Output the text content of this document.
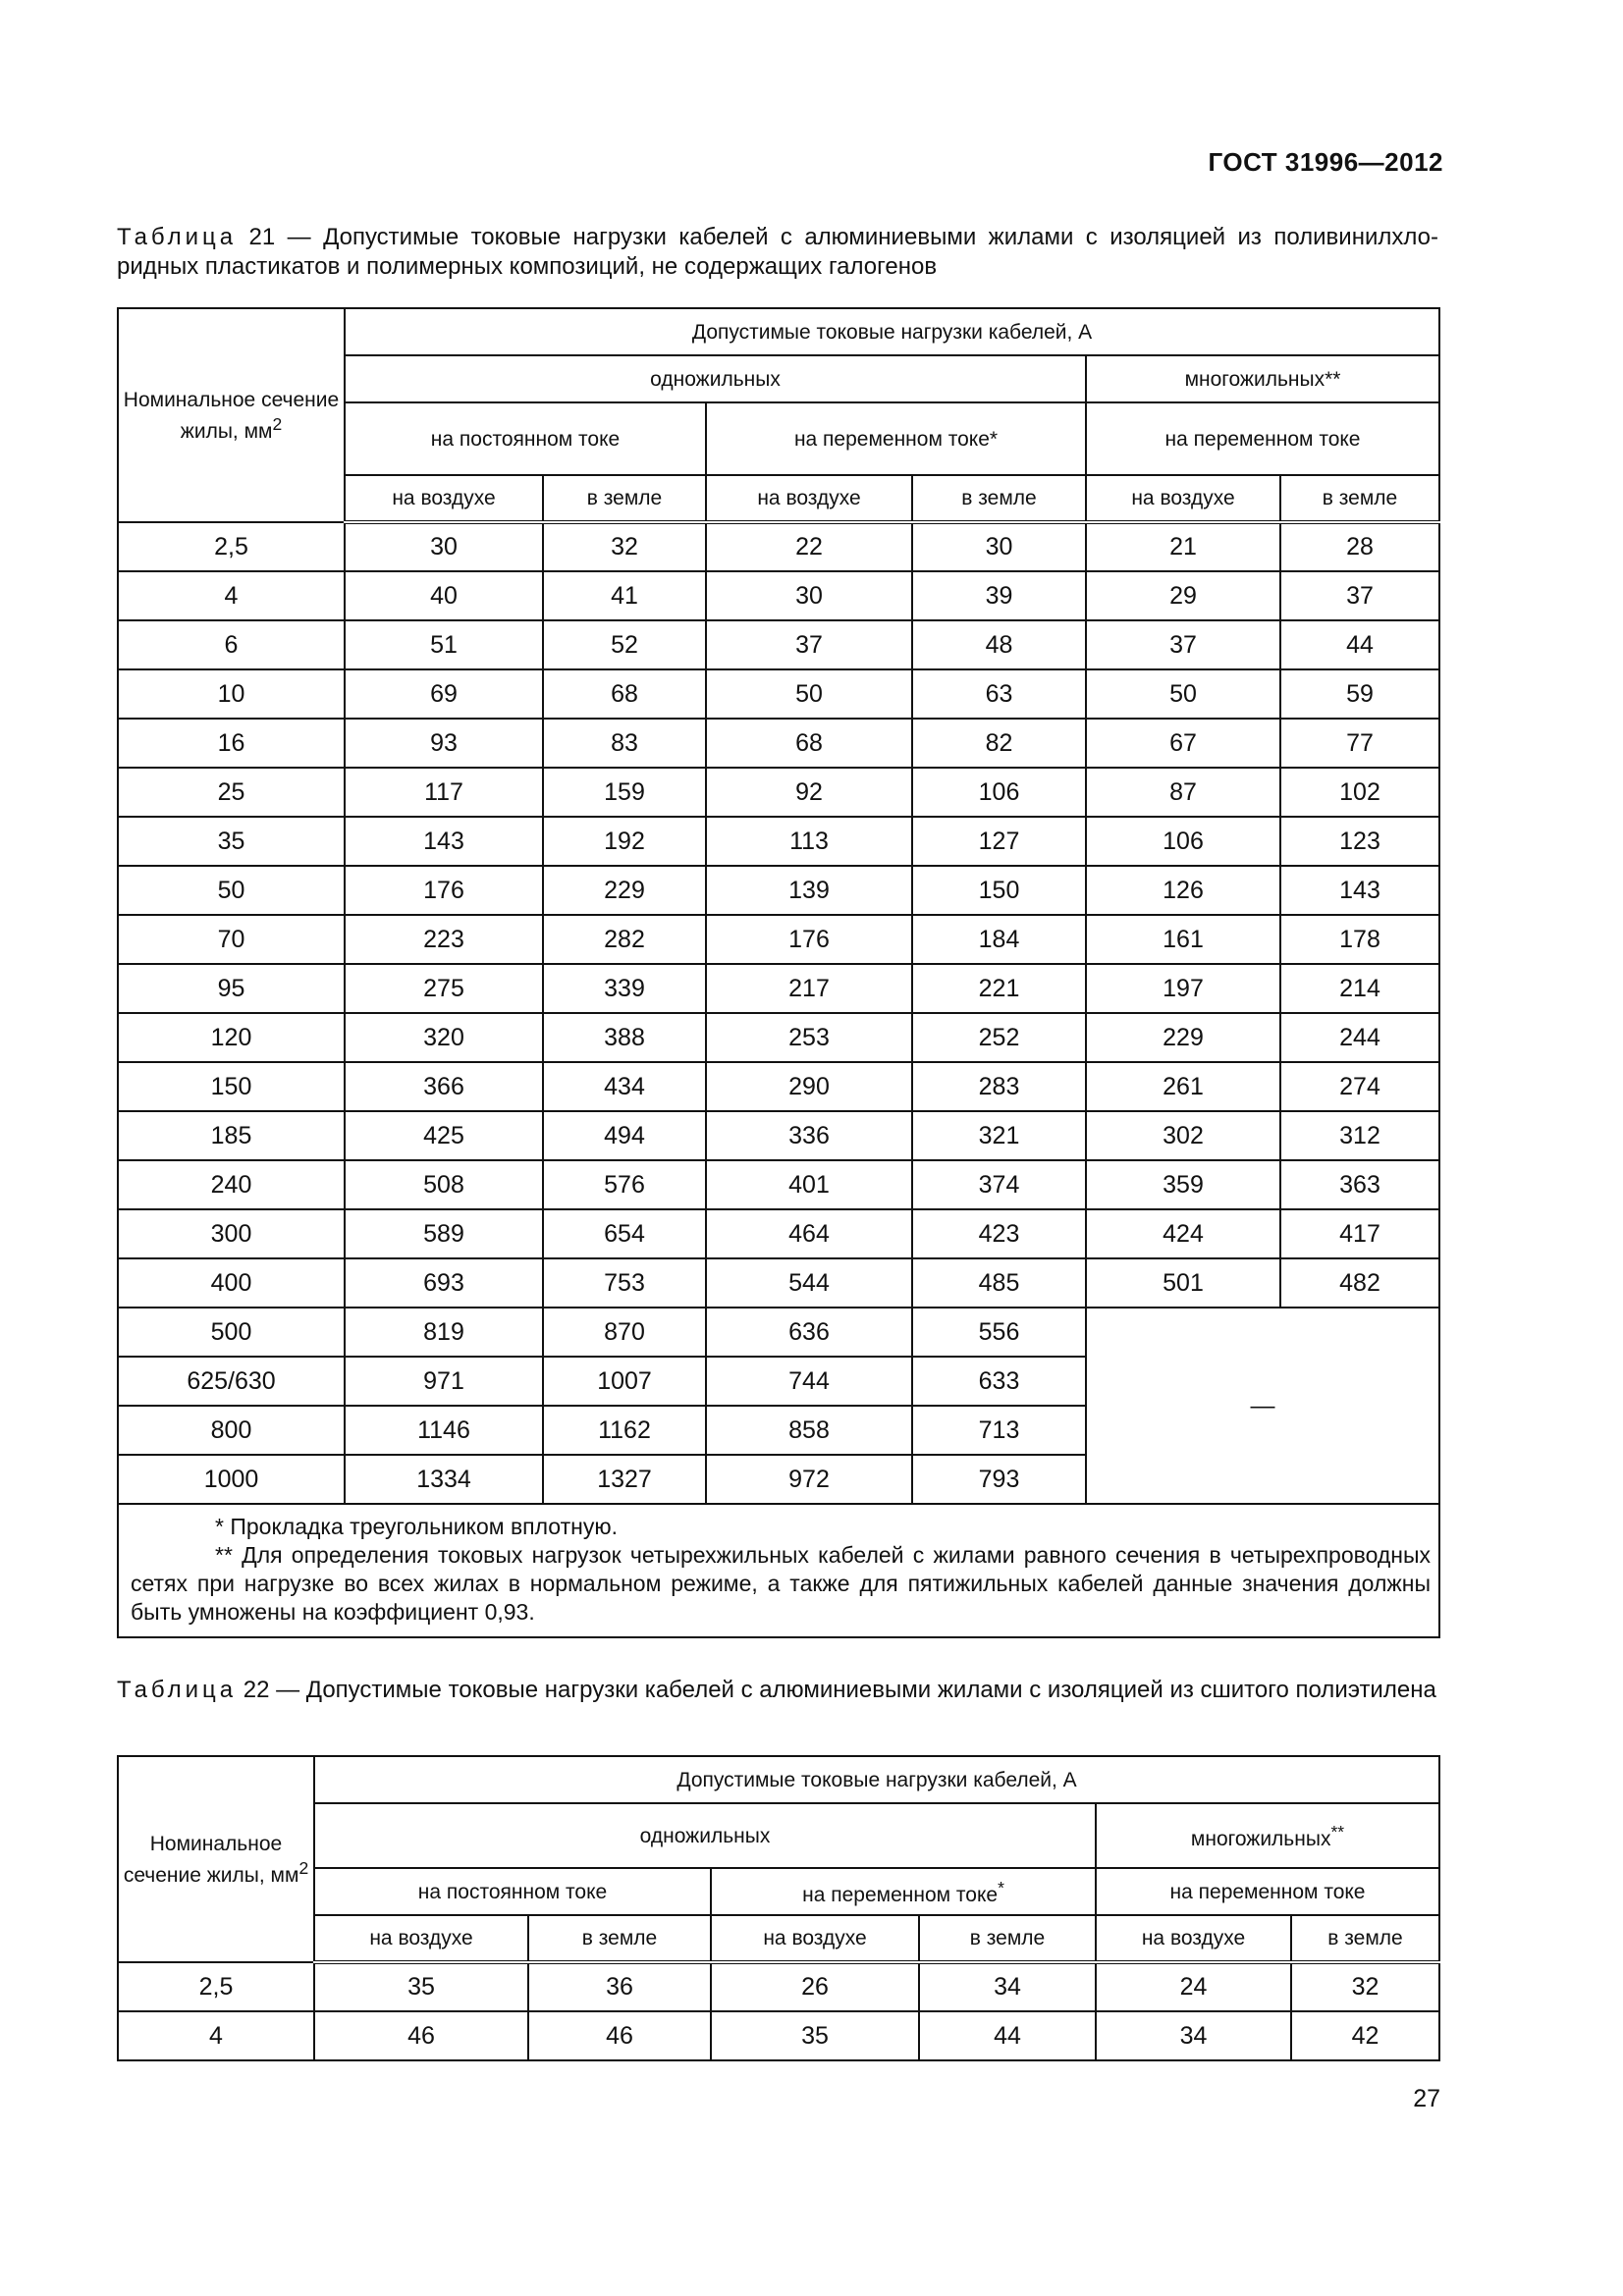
ГОСТ 31996—2012
Таблица 21 — Допустимые токовые нагрузки кабелей с алюминиевыми жилами с изоляцией из поливинилхлоридных пластикатов и полимерных композиций, не содержащих галогенов
Номинальное сечение жилы, $мм^2$	Допустимые токовые нагрузки кабелей, А					
	одножильных				многожильных**	
	на постоянном токе		на переменном токе*		на переменном токе	
	на воздухе	в земле	на воздухе	в земле	на воздухе	в земле
2,5	30	32	22	30	21	28
4	40	41	30	39	29	37
6	51	52	37	48	37	44
10	69	68	50	63	50	59
16	93	83	68	82	67	77
25	117	159	92	106	87	102
35	143	192	113	127	106	123
50	176	229	139	150	126	143
70	223	282	176	184	161	178
95	275	339	217	221	197	214
120	320	388	253	252	229	244
150	366	434	290	283	261	274
185	425	494	336	321	302	312
240	508	576	401	374	359	363
300	589	654	464	423	424	417
400	693	753	544	485	501	482
500	819	870	636	556	—	
625/630	971	1007	744	633		
800	1146	1162	858	713		
1000	1334	1327	972	793		

* Прокладка треугольником вплотную.
** Для определения токовых нагрузок четырехжильных кабелей с жилами равного сечения в четырехпроводных сетях при нагрузке во всех жилах в нормальном режиме, а также для пятижильных кабелей данные значения должны быть умножены на коэффициент 0,93.						
Таблица 22 — Допустимые токовые нагрузки кабелей с алюминиевыми жилами с изоляцией из сшитого полиэтилена
Номинальное сечение жилы, $мм^2$	Допустимые токовые нагрузки кабелей, А					
	одножильных				многожильных**
	на постоянном токе		на переменном токе*		на переменном токе	
	на воздухе	в земле	на воздухе	в земле	на воздухе	в земле
2,5	35	36	26	34	24	32
4	46	46	35	44	34	42
27
